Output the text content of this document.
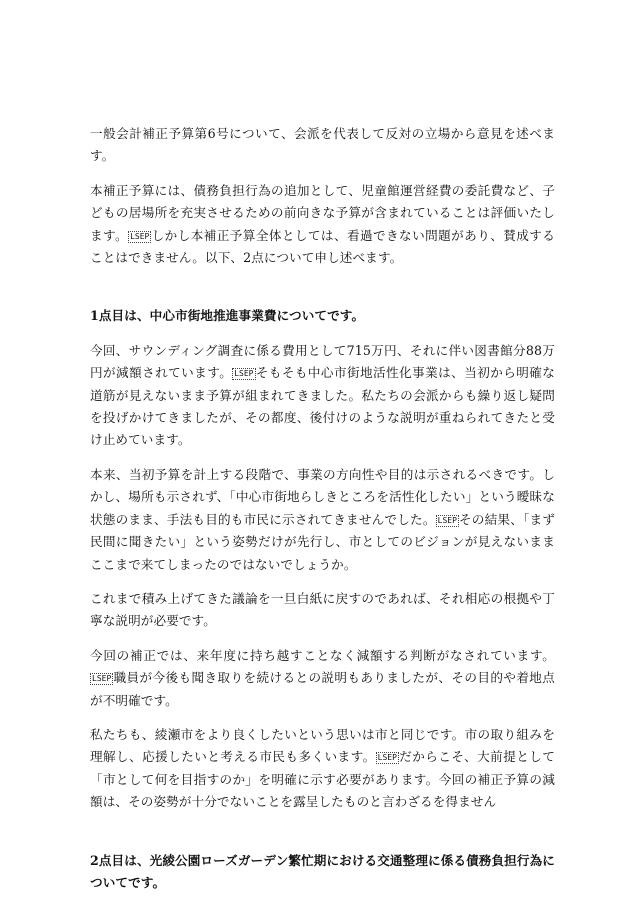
一般会計補正予算第6号について、会派を代表して反対の立場から意見を述べます。

本補正予算には、債務負担行為の追加として、児童館運営経費の委託費など、子どもの居場所を充実させるための前向きな予算が含まれていることは評価いたします。 LSEP しかし本補正予算全体としては、看過できない問題があり、賛成することはできません。以下、2点について申し述べます。

1点目は、中心市街地推進事業費についてです。

今回、サウンディング調査に係る費用として715万円、それに伴い図書館分88万円が減額されています。 LSEP そもそも中心市街地活性化事業は、当初から明確な道筋が見えないまま予算が組まれてきました。私たちの会派からも繰り返し疑問を投げかけてきましたが、その都度、後付けのような説明が重ねられてきたと受け止めています。

本来、当初予算を計上する段階で、事業の方向性や目的は示されるべきです。しかし、場所も示されず、「中心市街地らしきところを活性化したい」という曖昧な状態のまま、手法も目的も市民に示されてきませんでした。 LSEP その結果、「まず民間に聞きたい」という姿勢だけが先行し、市としてのビジョンが見えないままここまで来てしまったのではないでしょうか。

これまで積み上げてきた議論を一旦白紙に戻すのであれば、それ相応の根拠や丁寧な説明が必要です。

今回の補正では、来年度に持ち越すことなく減額する判断がなされています。LSEP 職員が今後も聞き取りを続けるとの説明もありましたが、その目的や着地点が不明確です。

私たちも、綾瀬市をより良くしたいという思いは市と同じです。市の取り組みを理解し、応援したいと考える市民も多くいます。 LSEP だからこそ、大前提として「市として何を目指すのか」を明確に示す必要があります。今回の補正予算の減額は、その姿勢が十分でないことを露呈したものと言わざるを得ません

2点目は、光綾公園ローズガーデン繁忙期における交通整理に係る債務負担行為についてです。
